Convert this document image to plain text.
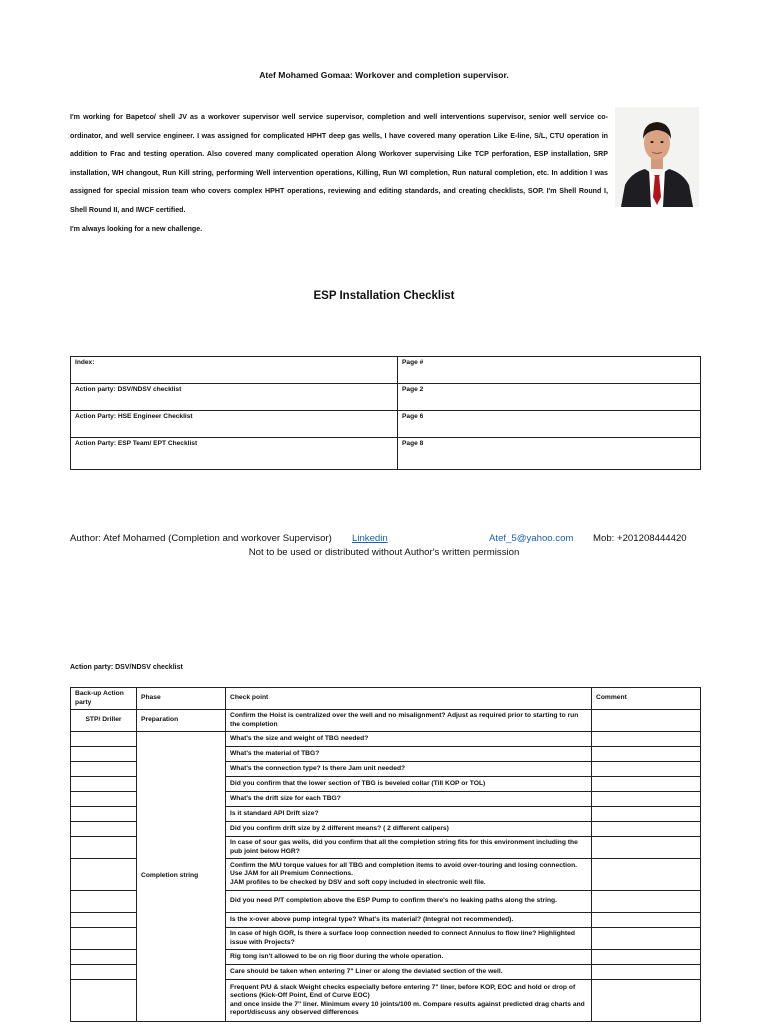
Atef Mohamed Gomaa: Workover and completion supervisor.

I'm working for Bapetco/ shell JV as a workover supervisor well service supervisor, completion and well interventions supervisor, senior well service co-ordinator, and well service engineer. I was assigned for complicated HPHT deep gas wells, I have covered many operation Like E-line, S/L, CTU operation in addition to Frac and testing operation. Also covered many complicated operation Along Workover supervising Like TCP perforation, ESP installation, SRP installation, WH changout, Run Kill string, performing Well intervention operations, Killing, Run WI completion, Run natural completion, etc. In addition I was assigned for special mission team who covers complex HPHT operations, reviewing and editing standards, and creating checklists, SOP. I'm Shell Round I, Shell Round II, and IWCF certified.

I'm always looking for a new challenge.

ESP Installation Checklist
Index:	Page #
Action party: DSV/NDSV checklist	Page 2
Action Party: HSE Engineer Checklist	Page 6
Action Party: ESP Team/ EPT Checklist	Page 8
Author: Atef Mohamed (Completion and workover Supervisor) Linkedin	Atef_5@yahoo.com Mob: +201208444420
Not to be used or distributed without Author's written permission
Action party: DSV/NDSV checklist
Back-up Action party	Phase	Check point	Comment
STP/ Driller	Preparation	Confirm the Hoist is centralized over the well and no misalignment? Adjust as required prior to starting to run the completion	
	Completion string	What's the size and weight of TBG needed?	
		What's the material of TBG?	
		What's the connection type? Is there Jam unit needed?	
		Did you confirm that the lower section of TBG is beveled collar (Till KOP or TOL)	
		What's the drift size for each TBG?	
		Is it standard API Drift size?	
		Did you confirm drift size by 2 different means? ( 2 different calipers)	
		In case of sour gas wells, did you confirm that all the completion string fits for this environment including the pub joint below HGR?	
		Confirm the M/U torque values for all TBG and completion items to avoid over-touring and losing connection. Use JAM for all Premium Connections.
JAM profiles to be checked by DSV and soft copy included in electronic well file.	
		Did you need P/T completion above the ESP Pump to confirm there's no leaking paths along the string.	
		Is the x-over above pump integral type? What's its material? (Integral not recommended).	
		In case of high GOR, Is there a surface loop connection needed to connect Annulus to flow line? Highlighted issue with Projects?	
		Rig tong isn't allowed to be on rig floor during the whole operation.	
		Care should be taken when entering 7" Liner or along the deviated section of the well.	
		Frequent P/U & slack Weight checks especially before entering 7" liner, before KOP, EOC and hold or drop of sections (Kick-Off Point, End of Curve EOC)
and once inside the 7" liner. Minimum every 10 joints/100 m. Compare results against predicted drag charts and report/discuss any observed differences	
